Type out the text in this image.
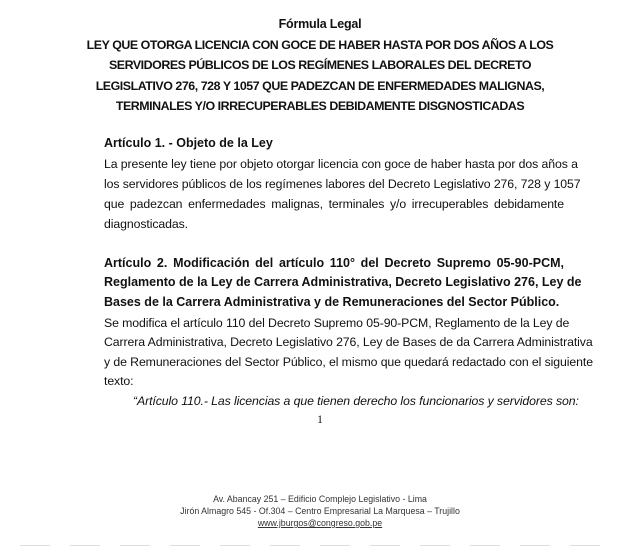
Fórmula Legal
LEY QUE OTORGA LICENCIA CON GOCE DE HABER HASTA POR DOS AÑOS A LOS
SERVIDORES PÚBLICOS DE LOS REGÍMENES LABORALES DEL DECRETO
LEGISLATIVO 276, 728 Y 1057 QUE PADEZCAN DE ENFERMEDADES MALIGNAS,
TERMINALES Y/O IRRECUPERABLES DEBIDAMENTE DISGNOSTICADAS
Artículo 1. - Objeto de la Ley
La presente ley tiene por objeto otorgar licencia con goce de haber hasta por dos años a
los servidores públicos de los regímenes labores del Decreto Legislativo 276, 728 y 1057
que padezcan enfermedades malignas, terminales y/o irrecuperables debidamente
diagnosticadas.
Artículo 2. Modificación del artículo 110° del Decreto Supremo 05-90-PCM,
Reglamento de la Ley de Carrera Administrativa, Decreto Legislativo 276, Ley de
Bases de la Carrera Administrativa y de Remuneraciones del Sector Público.
Se modifica el artículo 110 del Decreto Supremo 05-90-PCM, Reglamento de la Ley de
Carrera Administrativa, Decreto Legislativo 276, Ley de Bases de da Carrera Administrativa
y de Remuneraciones del Sector Público, el mismo que quedará redactado con el siguiente
texto:
“Artículo 110.- Las licencias a que tienen derecho los funcionarios y servidores son:
1
Av. Abancay 251 – Edificio Complejo Legislativo - Lima
Jirón Almagro 545 - Of.304 – Centro Empresarial La Marquesa – Trujillo
www.jburgos@congreso.gob.pe
